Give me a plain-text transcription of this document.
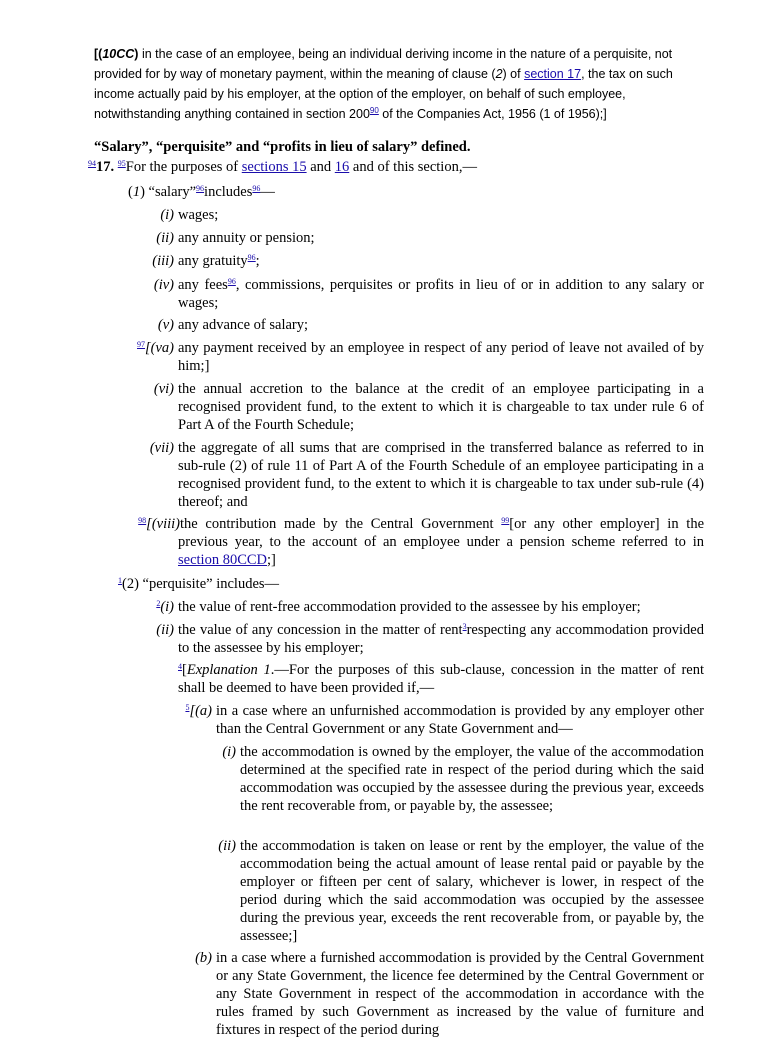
[(10CC) in the case of an employee, being an individual deriving income in the nature of a perquisite, not provided for by way of monetary payment, within the meaning of clause (2) of section 17, the tax on such income actually paid by his employer, at the option of the employer, on behalf of such employee, notwithstanding anything contained in section $200^{90}$ of the Companies Act, 1956 (1 of 1956);]
“Salary”, “perquisite” and “profits in lieu of salary” defined.
$^{94}$17. $^{95}$For the purposes of sections 15 and 16 and of this section,—
(1) “salary”$^{96}$includes$^{96}$—
(i) wages;
(ii) any annuity or pension;
(iii) any gratuity$^{96}$;
(iv) any fees$^{96}$, commissions, perquisites or profits in lieu of or in addition to any salary or wages;
(v) any advance of salary;
$^{97}$[(va) any payment received by an employee in respect of any period of leave not availed of by him;]
(vi) the annual accretion to the balance at the credit of an employee participating in a recognised provident fund, to the extent to which it is chargeable to tax under rule 6 of Part A of the Fourth Schedule;
(vii) the aggregate of all sums that are comprised in the transferred balance as referred to in sub-rule (2) of rule 11 of Part A of the Fourth Schedule of an employee participating in a recognised provident fund, to the extent to which it is chargeable to tax under sub-rule (4) thereof; and
$^{98}$[(viii) the contribution made by the Central Government $^{99}$[or any other employer] in the previous year, to the account of an employee under a pension scheme referred to in section 80CCD;]
$^1$(2) “perquisite” includes—
$^2$(i) the value of rent-free accommodation provided to the assessee by his employer;
(ii) the value of any concession in the matter of rent$^3$respecting any accommodation provided to the assessee by his employer;
$^4$[Explanation 1.—For the purposes of this sub-clause, concession in the matter of rent shall be deemed to have been provided if,—
$^5$[(a) in a case where an unfurnished accommodation is provided by any employer other than the Central Government or any State Government and—
(i) the accommodation is owned by the employer, the value of the accommodation determined at the specified rate in respect of the period during which the said accommodation was occupied by the assessee during the previous year, exceeds the rent recoverable from, or payable by, the assessee;
(ii) the accommodation is taken on lease or rent by the employer, the value of the accommodation being the actual amount of lease rental paid or payable by the employer or fifteen per cent of salary, whichever is lower, in respect of the period during which the said accommodation was occupied by the assessee during the previous year, exceeds the rent recoverable from, or payable by, the assessee;]
(b) in a case where a furnished accommodation is provided by the Central Government or any State Government, the licence fee determined by the Central Government or any State Government in respect of the accommodation in accordance with the rules framed by such Government as increased by the value of furniture and fixtures in respect of the period during
